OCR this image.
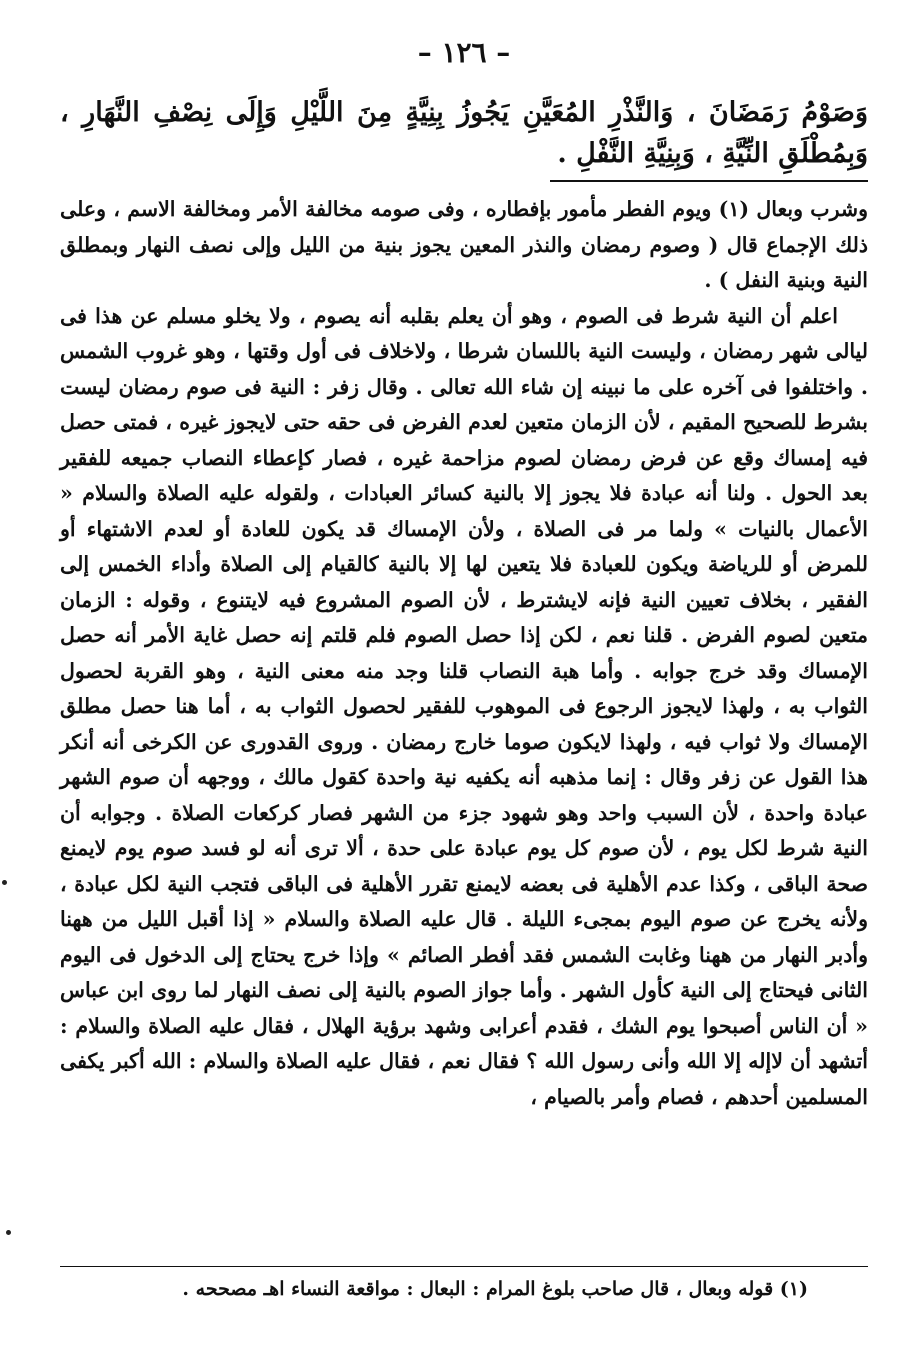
– ١٢٦ –
وَصَوْمُ رَمَضَانَ ، وَالنَّذْرِ المُعَيَّنِ يَجُوزُ بِنِيَّةٍ مِنَ اللَّيْلِ وَإِلَى نِصْفِ النَّهَارِ ، وَبِمُطْلَقِ النِّيَّةِ ، وَبِنِيَّةِ النَّفْلِ .

وشرب وبعال (١) ويوم الفطر مأمور بإفطاره ، وفى صومه مخالفة الأمر ومخالفة الاسم ، وعلى ذلك الإجماع قال ( وصوم رمضان والنذر المعين يجوز بنية من الليل وإلى نصف النهار وبمطلق النية وبنية النفل ) .

اعلم أن النية شرط فى الصوم ، وهو أن يعلم بقلبه أنه يصوم ، ولا يخلو مسلم عن هذا فى ليالى شهر رمضان ، وليست النية باللسان شرطا ، ولاخلاف فى أول وقتها ، وهو غروب الشمس . واختلفوا فى آخره على ما نبينه إن شاء الله تعالى . وقال زفر : النية فى صوم رمضان ليست بشرط للصحيح المقيم ، لأن الزمان متعين لعدم الفرض فى حقه حتى لايجوز غيره ، فمتى حصل فيه إمساك وقع عن فرض رمضان لصوم مزاحمة غيره ، فصار كإعطاء النصاب جميعه للفقير بعد الحول . ولنا أنه عبادة فلا يجوز إلا بالنية كسائر العبادات ، ولقوله عليه الصلاة والسلام « الأعمال بالنيات » ولما مر فى الصلاة ، ولأن الإمساك قد يكون للعادة أو لعدم الاشتهاء أو للمرض أو للرياضة ويكون للعبادة فلا يتعين لها إلا بالنية كالقيام إلى الصلاة وأداء الخمس إلى الفقير ، بخلاف تعيين النية فإنه لايشترط ، لأن الصوم المشروع فيه لايتنوع ، وقوله : الزمان متعين لصوم الفرض . قلنا نعم ، لكن إذا حصل الصوم فلم قلتم إنه حصل غاية الأمر أنه حصل الإمساك وقد خرج جوابه . وأما هبة النصاب قلنا وجد منه معنى النية ، وهو القربة لحصول الثواب به ، ولهذا لايجوز الرجوع فى الموهوب للفقير لحصول الثواب به ، أما هنا حصل مطلق الإمساك ولا ثواب فيه ، ولهذا لايكون صوما خارج رمضان . وروى القدورى عن الكرخى أنه أنكر هذا القول عن زفر وقال : إنما مذهبه أنه يكفيه نية واحدة كقول مالك ، ووجهه أن صوم الشهر عبادة واحدة ، لأن السبب واحد وهو شهود جزء من الشهر فصار كركعات الصلاة . وجوابه أن النية شرط لكل يوم ، لأن صوم كل يوم عبادة على حدة ، ألا ترى أنه لو فسد صوم يوم لايمنع صحة الباقى ، وكذا عدم الأهلية فى بعضه لايمنع تقرر الأهلية فى الباقى فتجب النية لكل عبادة ، ولأنه يخرج عن صوم اليوم بمجىء الليلة . قال عليه الصلاة والسلام « إذا أقبل الليل من ههنا وأدبر النهار من ههنا وغابت الشمس فقد أفطر الصائم » وإذا خرج يحتاج إلى الدخول فى اليوم الثانى فيحتاج إلى النية كأول الشهر . وأما جواز الصوم بالنية إلى نصف النهار لما روى ابن عباس « أن الناس أصبحوا يوم الشك ، فقدم أعرابى وشهد برؤية الهلال ، فقال عليه الصلاة والسلام : أتشهد أن لاإله إلا الله وأنى رسول الله ؟ فقال نعم ، فقال عليه الصلاة والسلام : الله أكبر يكفى المسلمين أحدهم ، فصام وأمر بالصيام ،

(١) قوله وبعال ، قال صاحب بلوغ المرام : البعال : مواقعة النساء اهـ مصححه .
